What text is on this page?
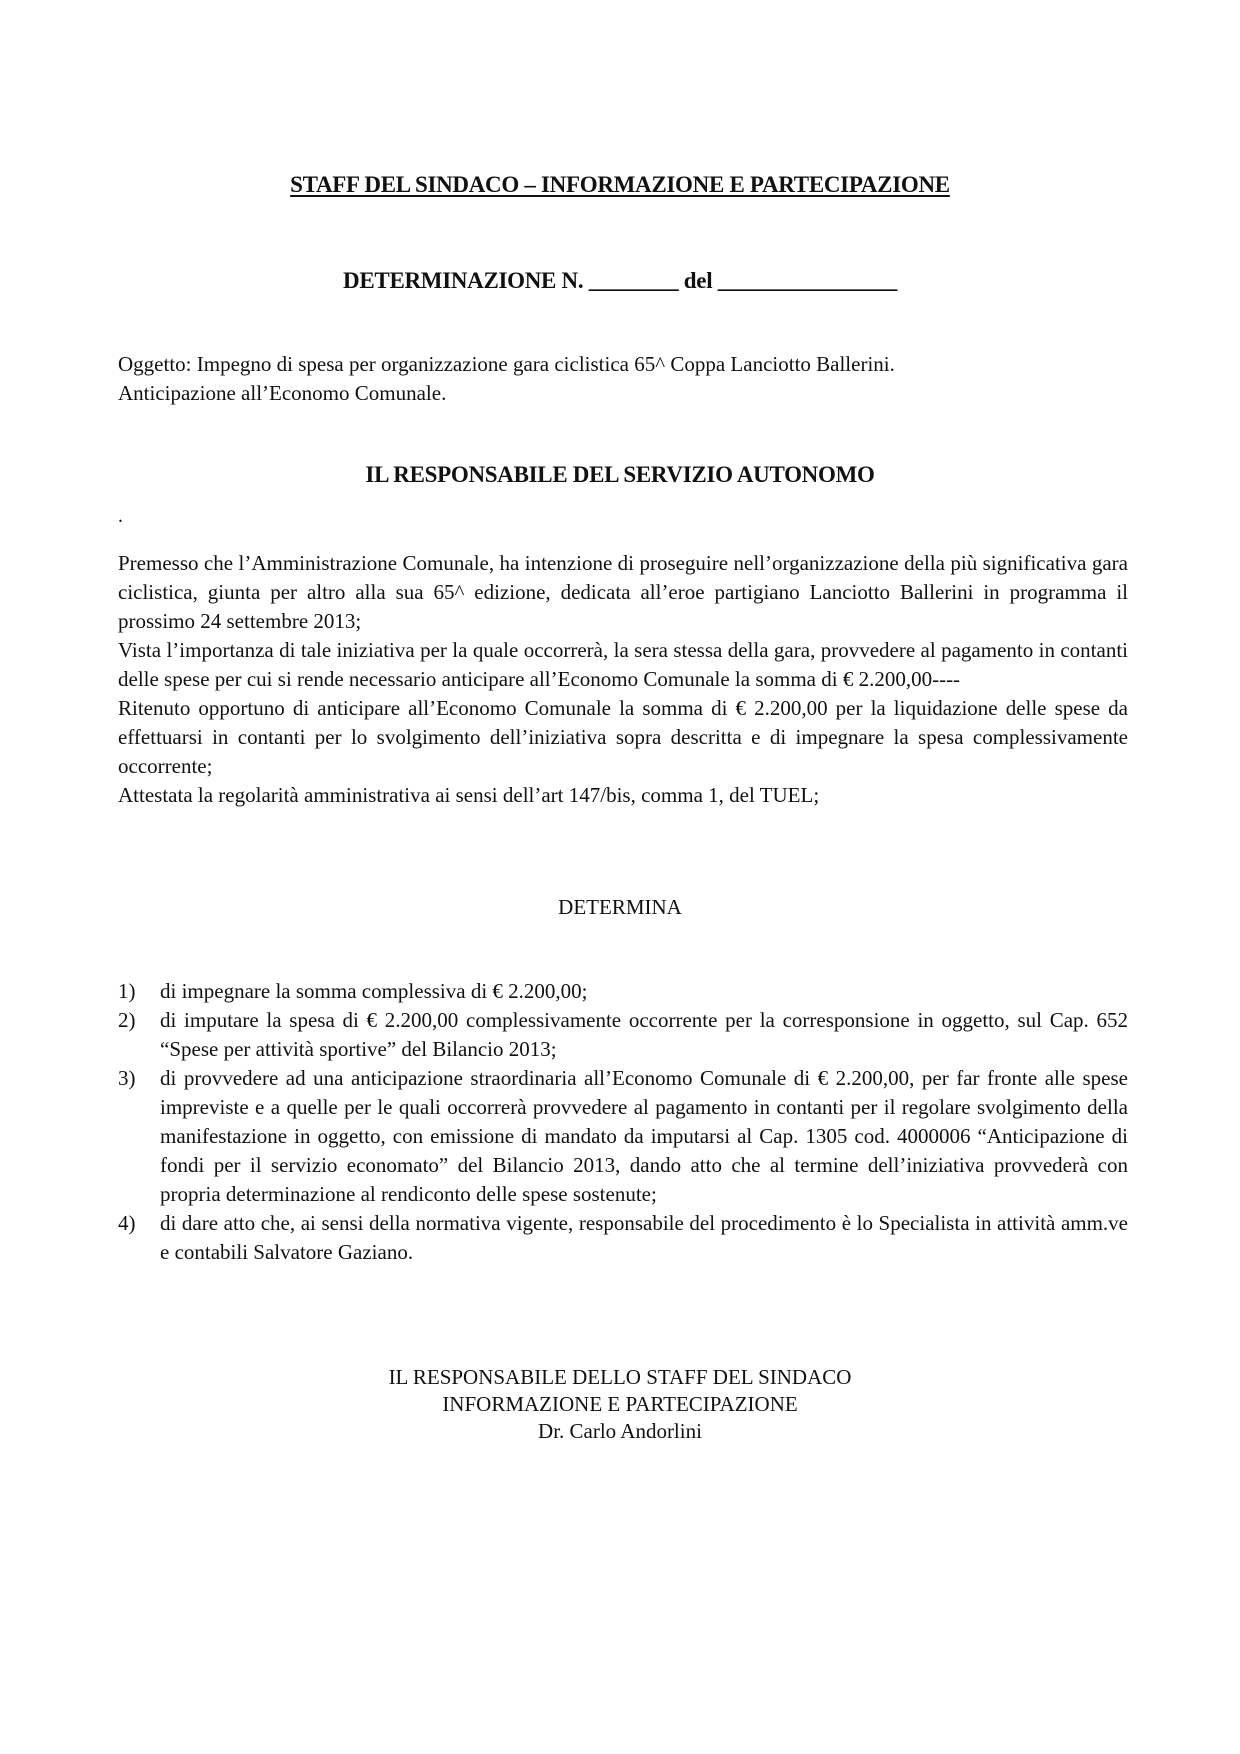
STAFF DEL SINDACO – INFORMAZIONE E PARTECIPAZIONE
DETERMINAZIONE N. ________ del ________________
Oggetto: Impegno di spesa per organizzazione gara ciclistica 65^ Coppa Lanciotto Ballerini.
Anticipazione all’Economo Comunale.
IL RESPONSABILE DEL SERVIZIO AUTONOMO
.
Premesso che l’Amministrazione Comunale, ha intenzione di proseguire nell’organizzazione della più significativa gara ciclistica, giunta per altro alla sua 65^ edizione, dedicata all’eroe partigiano Lanciotto Ballerini in programma il prossimo 24 settembre 2013;
Vista l’importanza di tale iniziativa per la quale occorrerà, la sera stessa della gara, provvedere al pagamento in contanti delle spese per cui si rende necessario anticipare all’Economo Comunale la somma di € 2.200,00----
Ritenuto opportuno di anticipare all’Economo Comunale la somma di € 2.200,00 per la liquidazione delle spese da effettuarsi in contanti per lo svolgimento dell’iniziativa sopra descritta e di impegnare la spesa complessivamente occorrente;
Attestata la regolarità amministrativa ai sensi dell’art 147/bis, comma 1, del TUEL;
DETERMINA
1) di impegnare la somma complessiva di € 2.200,00;
2) di imputare la spesa di € 2.200,00 complessivamente occorrente per la corresponsione in oggetto, sul Cap. 652 “Spese per attività sportive” del Bilancio 2013;
3) di provvedere ad una anticipazione straordinaria all’Economo Comunale di € 2.200,00, per far fronte alle spese impreviste e a quelle per le quali occorrerà provvedere al pagamento in contanti per il regolare svolgimento della manifestazione in oggetto, con emissione di mandato da imputarsi al Cap. 1305 cod. 4000006 “Anticipazione di fondi per il servizio economato” del Bilancio 2013, dando atto che al termine dell’iniziativa provvederà con propria determinazione al rendiconto delle spese sostenute;
4) di dare atto che, ai sensi della normativa vigente, responsabile del procedimento è lo Specialista in attività amm.ve e contabili Salvatore Gaziano.
IL RESPONSABILE DELLO STAFF DEL SINDACO
INFORMAZIONE E PARTECIPAZIONE
Dr. Carlo Andorlini
